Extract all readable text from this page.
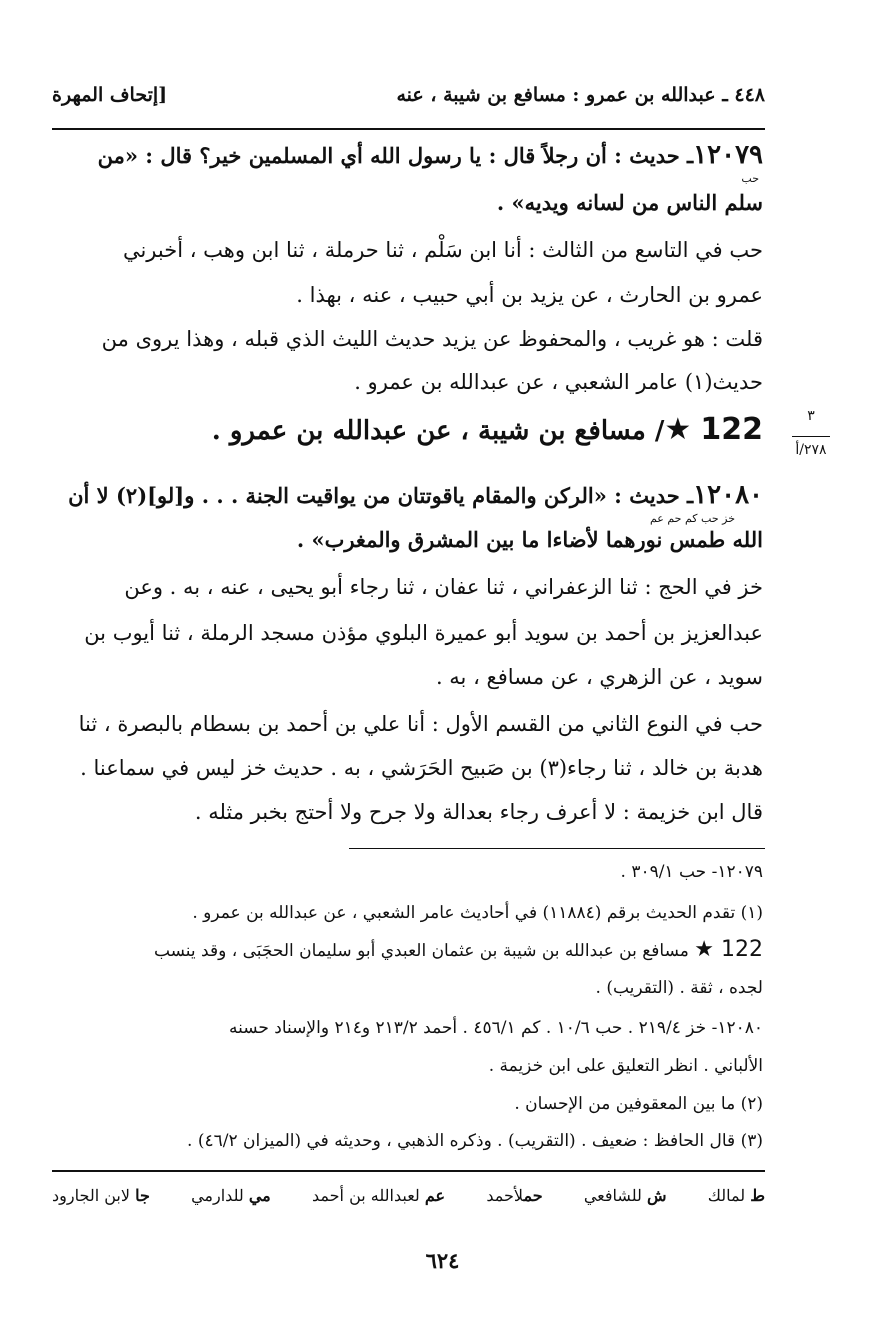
٤٤٨ ـ عبدالله بن عمرو : مسافع بن شيبة ، عنه
[إتحاف المهرة
١٢٠٧٩ـ حديث : أن رجلاً قال : يا رسول الله أي المسلمين خير؟ قال : «من
حب
سلم الناس من لسانه ويديه» .
حب في التاسع من الثالث : أنا ابن سَلْم ، ثنا حرملة ، ثنا ابن وهب ، أخبرني
عمرو بن الحارث ، عن يزيد بن أبي حبيب ، عنه ، بهذا .
قلت : هو غريب ، والمحفوظ عن يزيد حديث الليث الذي قبله ، وهذا يروى من
حديث(١) عامر الشعبي ، عن عبدالله بن عمرو .
122 ★/ مسافع بن شيبة ، عن عبدالله بن عمرو .	٣
٢٧٨/أ
١٢٠٨٠ـ حديث : «الركن والمقام ياقوتتان من يواقيت الجنة . . . و[لو](٢) لا أن
خز حب كم حم عم
الله طمس نورهما لأضاءا ما بين المشرق والمغرب» .
خز في الحج : ثنا الزعفراني ، ثنا عفان ، ثنا رجاء أبو يحيى ، عنه ، به . وعن
عبدالعزيز بن أحمد بن سويد أبو عميرة البلوي مؤذن مسجد الرملة ، ثنا أيوب بن
سويد ، عن الزهري ، عن مسافع ، به .
حب في النوع الثاني من القسم الأول : أنا علي بن أحمد بن بسطام بالبصرة ، ثنا
هدبة بن خالد ، ثنا رجاء(٣) بن صَبيح الحَرَشي ، به . حديث خز ليس في سماعنا .
قال ابن خزيمة : لا أعرف رجاء بعدالة ولا جرح ولا أحتج بخبر مثله .
١٢٠٧٩- حب ٣٠٩/١ .
(١) تقدم الحديث برقم (١١٨٨٤) في أحاديث عامر الشعبي ، عن عبدالله بن عمرو .
122 ★ مسافع بن عبدالله بن شيبة بن عثمان العبدي أبو سليمان الحجَبَى ، وقد ينسب
لجده ، ثقة . (التقريب) .
١٢٠٨٠- خز ٢١٩/٤ . حب ١٠/٦ . كم ٤٥٦/١ . أحمد ٢١٣/٢ و٢١٤ والإسناد حسنه
الألباني . انظر التعليق على ابن خزيمة .
(٢) ما بين المعقوفين من الإحسان .
(٣) قال الحافظ : ضعيف . (التقريب) . وذكره الذهبي ، وحديثه في (الميزان ٤٦/٢) .
ط لمالك
ش للشافعي
حملأحمد
عم لعبدالله بن أحمد
مي للدارمي
جا لابن الجارود
٦٢٤
